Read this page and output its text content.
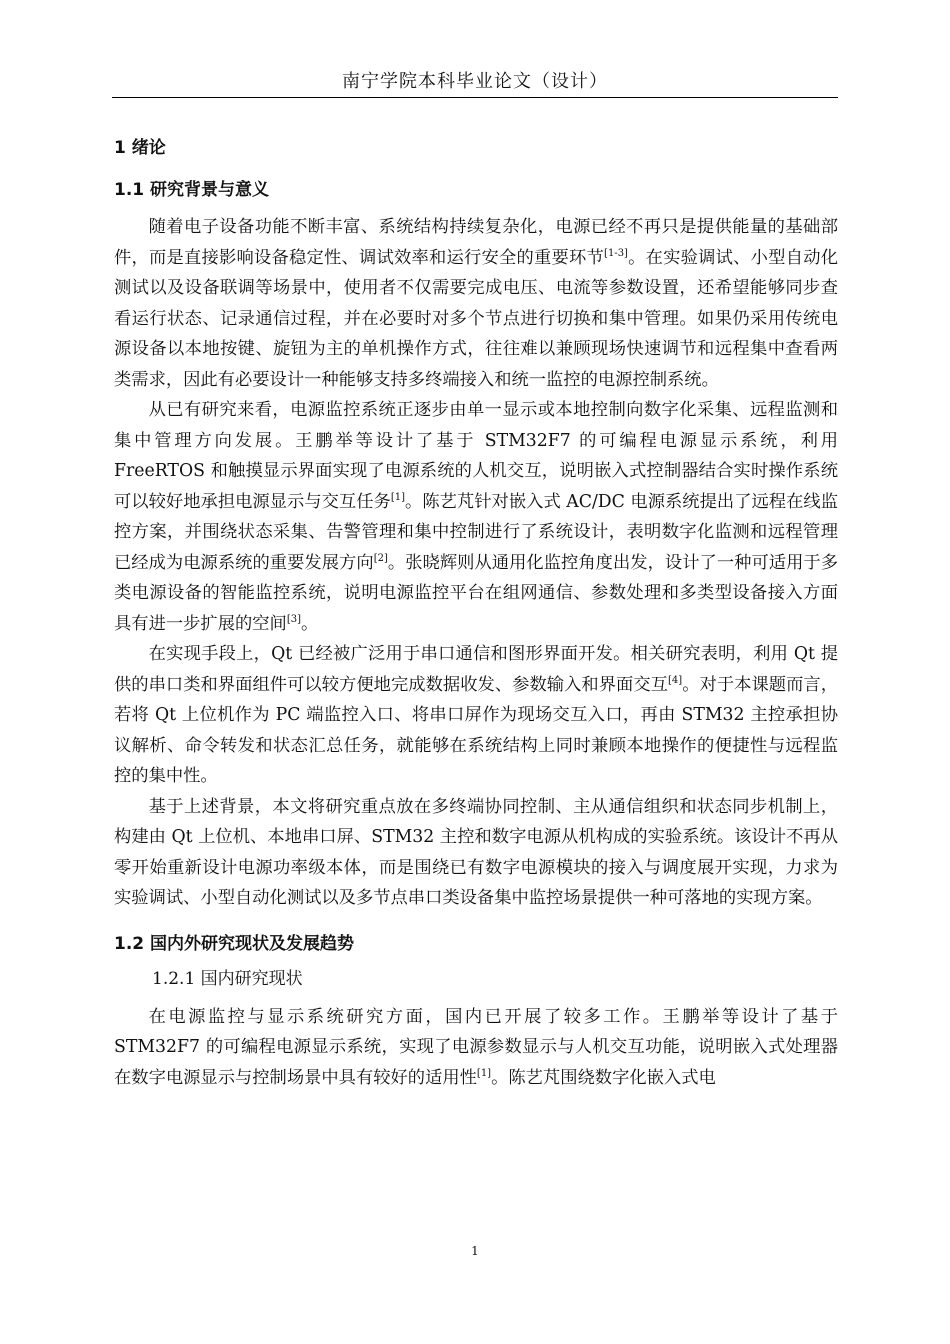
南宁学院本科毕业论文（设计）
1 绪论
1.1 研究背景与意义

随着电子设备功能不断丰富、系统结构持续复杂化，电源已经不再只是提供能量的基础部件，而是直接影响设备稳定性、调试效率和运行安全的重要环节[1-3]。在实验调试、小型自动化测试以及设备联调等场景中，使用者不仅需要完成电压、电流等参数设置，还希望能够同步查看运行状态、记录通信过程，并在必要时对多个节点进行切换和集中管理。如果仍采用传统电源设备以本地按键、旋钮为主的单机操作方式，往往难以兼顾现场快速调节和远程集中查看两类需求，因此有必要设计一种能够支持多终端接入和统一监控的电源控制系统。

从已有研究来看，电源监控系统正逐步由单一显示或本地控制向数字化采集、远程监测和集中管理方向发展。王鹏举等设计了基于 STM32F7 的可编程电源显示系统，利用 FreeRTOS 和触摸显示界面实现了电源系统的人机交互，说明嵌入式控制器结合实时操作系统可以较好地承担电源显示与交互任务[1]。陈艺芃针对嵌入式 AC/DC 电源系统提出了远程在线监控方案，并围绕状态采集、告警管理和集中控制进行了系统设计，表明数字化监测和远程管理已经成为电源系统的重要发展方向[2]。张晓辉则从通用化监控角度出发，设计了一种可适用于多类电源设备的智能监控系统，说明电源监控平台在组网通信、参数处理和多类型设备接入方面具有进一步扩展的空间[3]。

在实现手段上，Qt 已经被广泛用于串口通信和图形界面开发。相关研究表明，利用 Qt 提供的串口类和界面组件可以较方便地完成数据收发、参数输入和界面交互[4]。对于本课题而言，若将 Qt 上位机作为 PC 端监控入口、将串口屏作为现场交互入口，再由 STM32 主控承担协议解析、命令转发和状态汇总任务，就能够在系统结构上同时兼顾本地操作的便捷性与远程监控的集中性。

基于上述背景，本文将研究重点放在多终端协同控制、主从通信组织和状态同步机制上，构建由 Qt 上位机、本地串口屏、STM32 主控和数字电源从机构成的实验系统。该设计不再从零开始重新设计电源功率级本体，而是围绕已有数字电源模块的接入与调度展开实现，力求为实验调试、小型自动化测试以及多节点串口类设备集中监控场景提供一种可落地的实现方案。

1.2 国内外研究现状及发展趋势
1.2.1 国内研究现状

在电源监控与显示系统研究方面，国内已开展了较多工作。王鹏举等设计了基于 STM32F7 的可编程电源显示系统，实现了电源参数显示与人机交互功能，说明嵌入式处理器在数字电源显示与控制场景中具有较好的适用性[1]。陈艺芃围绕数字化嵌入式电

1
